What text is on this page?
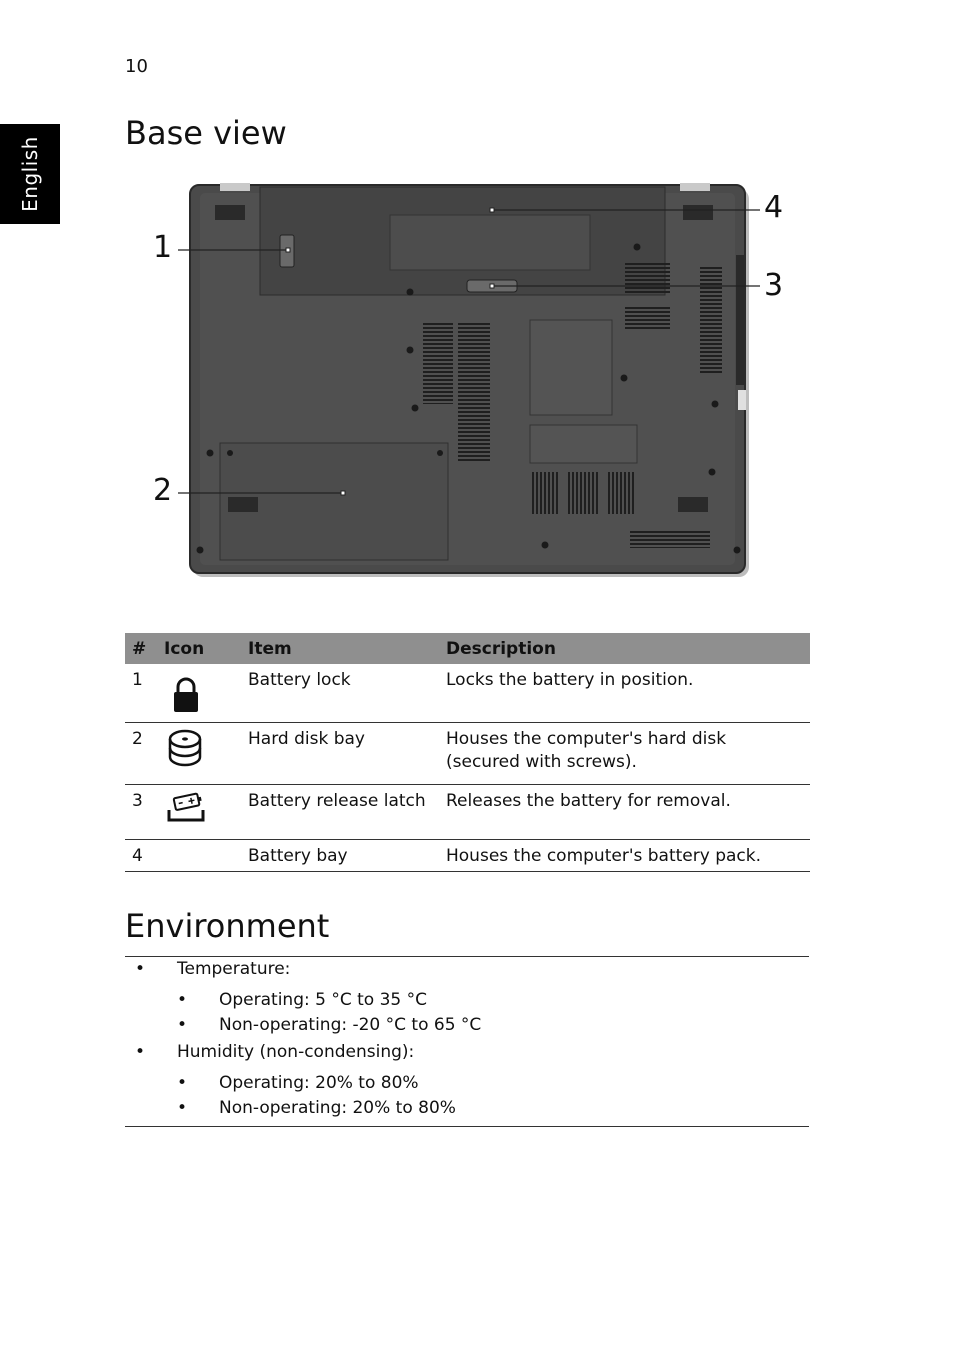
10
English
Base view
1
2
3
4
#	Icon	Item	Description
1		Battery lock	Locks the battery in position.
2		Hard disk bay	Houses the computer's hard disk (secured with screws).
3		Battery release latch	Releases the battery for removal.
4		Battery bay	Houses the computer's battery pack.
Environment
• Temperature:
• Operating: 5 °C to 35 °C
• Non-operating: -20 °C to 65 °C
• Humidity (non-condensing):
• Operating: 20% to 80%
• Non-operating: 20% to 80%
